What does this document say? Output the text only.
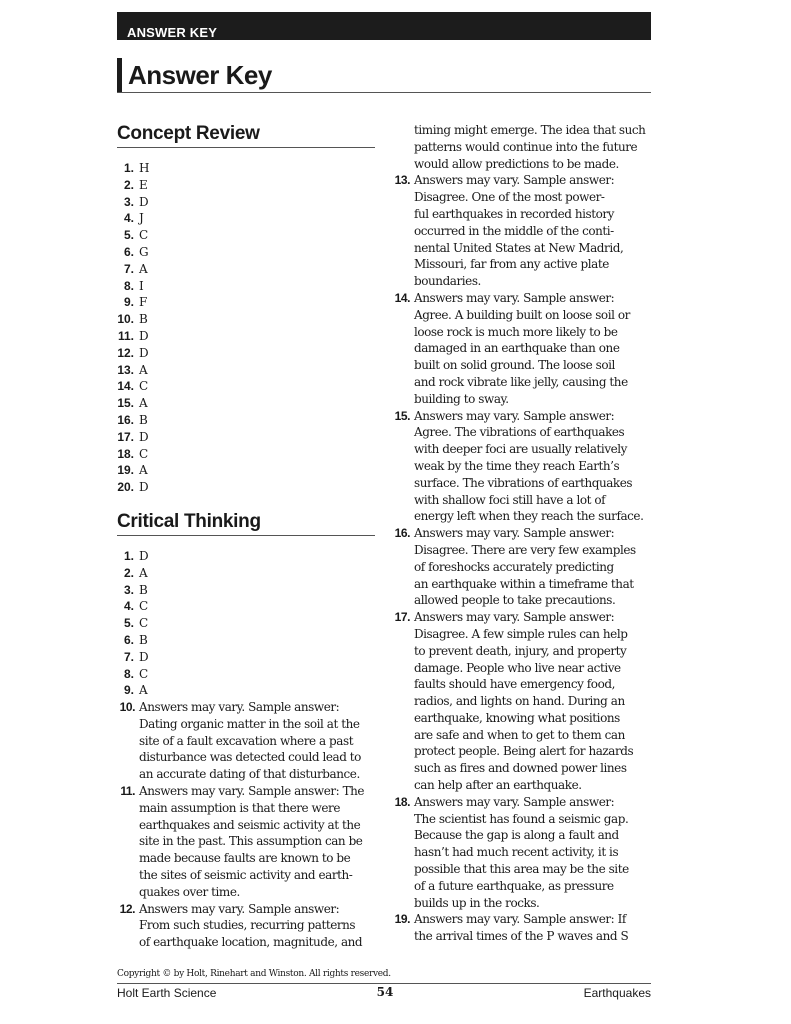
ANSWER KEY
Answer Key
Concept Review
1. H
2. E
3. D
4. J
5. C
6. G
7. A
8. I
9. F
10. B
11. D
12. D
13. A
14. C
15. A
16. B
17. D
18. C
19. A
20. D
Critical Thinking
1. D
2. A
3. B
4. C
5. C
6. B
7. D
8. C
9. A
10. Answers may vary. Sample answer:
Dating organic matter in the soil at the
site of a fault excavation where a past
disturbance was detected could lead to
an accurate dating of that disturbance.
11. Answers may vary. Sample answer: The
main assumption is that there were
earthquakes and seismic activity at the
site in the past. This assumption can be
made because faults are known to be
the sites of seismic activity and earth-
quakes over time.
12. Answers may vary. Sample answer:
From such studies, recurring patterns
of earthquake location, magnitude, and
timing might emerge. The idea that such
patterns would continue into the future
would allow predictions to be made.
13. Answers may vary. Sample answer:
Disagree. One of the most power-
ful earthquakes in recorded history
occurred in the middle of the conti-
nental United States at New Madrid,
Missouri, far from any active plate
boundaries.
14. Answers may vary. Sample answer:
Agree. A building built on loose soil or
loose rock is much more likely to be
damaged in an earthquake than one
built on solid ground. The loose soil
and rock vibrate like jelly, causing the
building to sway.
15. Answers may vary. Sample answer:
Agree. The vibrations of earthquakes
with deeper foci are usually relatively
weak by the time they reach Earth’s
surface. The vibrations of earthquakes
with shallow foci still have a lot of
energy left when they reach the surface.
16. Answers may vary. Sample answer:
Disagree. There are very few examples
of foreshocks accurately predicting
an earthquake within a timeframe that
allowed people to take precautions.
17. Answers may vary. Sample answer:
Disagree. A few simple rules can help
to prevent death, injury, and property
damage. People who live near active
faults should have emergency food,
radios, and lights on hand. During an
earthquake, knowing what positions
are safe and when to get to them can
protect people. Being alert for hazards
such as fires and downed power lines
can help after an earthquake.
18. Answers may vary. Sample answer:
The scientist has found a seismic gap.
Because the gap is along a fault and
hasn’t had much recent activity, it is
possible that this area may be the site
of a future earthquake, as pressure
builds up in the rocks.
19. Answers may vary. Sample answer: If
the arrival times of the P waves and S
Copyright © by Holt, Rinehart and Winston. All rights reserved.
Holt Earth Science	54	Earthquakes
